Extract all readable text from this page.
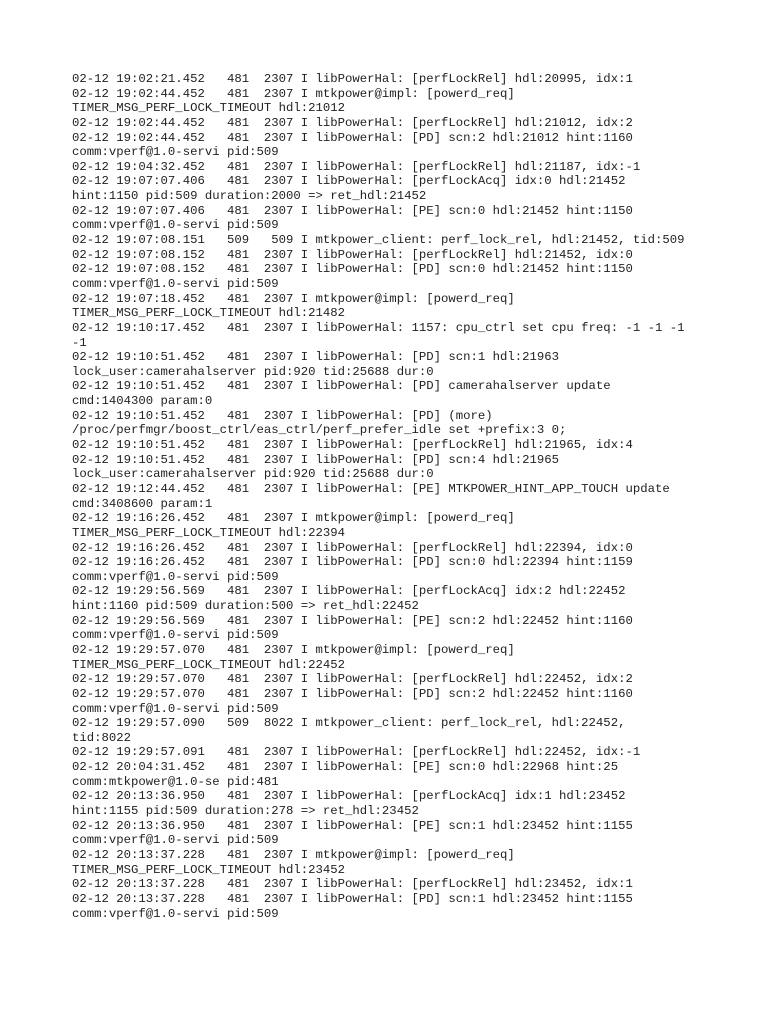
02-12 19:02:21.452   481  2307 I libPowerHal: [perfLockRel] hdl:20995, idx:1
02-12 19:02:44.452   481  2307 I mtkpower@impl: [powerd_req]
TIMER_MSG_PERF_LOCK_TIMEOUT hdl:21012
02-12 19:02:44.452   481  2307 I libPowerHal: [perfLockRel] hdl:21012, idx:2
02-12 19:02:44.452   481  2307 I libPowerHal: [PD] scn:2 hdl:21012 hint:1160
comm:vperf@1.0-servi pid:509
02-12 19:04:32.452   481  2307 I libPowerHal: [perfLockRel] hdl:21187, idx:-1
02-12 19:07:07.406   481  2307 I libPowerHal: [perfLockAcq] idx:0 hdl:21452
hint:1150 pid:509 duration:2000 => ret_hdl:21452
02-12 19:07:07.406   481  2307 I libPowerHal: [PE] scn:0 hdl:21452 hint:1150
comm:vperf@1.0-servi pid:509
02-12 19:07:08.151   509   509 I mtkpower_client: perf_lock_rel, hdl:21452, tid:509
02-12 19:07:08.152   481  2307 I libPowerHal: [perfLockRel] hdl:21452, idx:0
02-12 19:07:08.152   481  2307 I libPowerHal: [PD] scn:0 hdl:21452 hint:1150
comm:vperf@1.0-servi pid:509
02-12 19:07:18.452   481  2307 I mtkpower@impl: [powerd_req]
TIMER_MSG_PERF_LOCK_TIMEOUT hdl:21482
02-12 19:10:17.452   481  2307 I libPowerHal: 1157: cpu_ctrl set cpu freq: -1 -1 -1
-1
02-12 19:10:51.452   481  2307 I libPowerHal: [PD] scn:1 hdl:21963
lock_user:camerahalserver pid:920 tid:25688 dur:0
02-12 19:10:51.452   481  2307 I libPowerHal: [PD] camerahalserver update
cmd:1404300 param:0
02-12 19:10:51.452   481  2307 I libPowerHal: [PD] (more)
/proc/perfmgr/boost_ctrl/eas_ctrl/perf_prefer_idle set +prefix:3 0;
02-12 19:10:51.452   481  2307 I libPowerHal: [perfLockRel] hdl:21965, idx:4
02-12 19:10:51.452   481  2307 I libPowerHal: [PD] scn:4 hdl:21965
lock_user:camerahalserver pid:920 tid:25688 dur:0
02-12 19:12:44.452   481  2307 I libPowerHal: [PE] MTKPOWER_HINT_APP_TOUCH update
cmd:3408600 param:1
02-12 19:16:26.452   481  2307 I mtkpower@impl: [powerd_req]
TIMER_MSG_PERF_LOCK_TIMEOUT hdl:22394
02-12 19:16:26.452   481  2307 I libPowerHal: [perfLockRel] hdl:22394, idx:0
02-12 19:16:26.452   481  2307 I libPowerHal: [PD] scn:0 hdl:22394 hint:1159
comm:vperf@1.0-servi pid:509
02-12 19:29:56.569   481  2307 I libPowerHal: [perfLockAcq] idx:2 hdl:22452
hint:1160 pid:509 duration:500 => ret_hdl:22452
02-12 19:29:56.569   481  2307 I libPowerHal: [PE] scn:2 hdl:22452 hint:1160
comm:vperf@1.0-servi pid:509
02-12 19:29:57.070   481  2307 I mtkpower@impl: [powerd_req]
TIMER_MSG_PERF_LOCK_TIMEOUT hdl:22452
02-12 19:29:57.070   481  2307 I libPowerHal: [perfLockRel] hdl:22452, idx:2
02-12 19:29:57.070   481  2307 I libPowerHal: [PD] scn:2 hdl:22452 hint:1160
comm:vperf@1.0-servi pid:509
02-12 19:29:57.090   509  8022 I mtkpower_client: perf_lock_rel, hdl:22452,
tid:8022
02-12 19:29:57.091   481  2307 I libPowerHal: [perfLockRel] hdl:22452, idx:-1
02-12 20:04:31.452   481  2307 I libPowerHal: [PE] scn:0 hdl:22968 hint:25
comm:mtkpower@1.0-se pid:481
02-12 20:13:36.950   481  2307 I libPowerHal: [perfLockAcq] idx:1 hdl:23452
hint:1155 pid:509 duration:278 => ret_hdl:23452
02-12 20:13:36.950   481  2307 I libPowerHal: [PE] scn:1 hdl:23452 hint:1155
comm:vperf@1.0-servi pid:509
02-12 20:13:37.228   481  2307 I mtkpower@impl: [powerd_req]
TIMER_MSG_PERF_LOCK_TIMEOUT hdl:23452
02-12 20:13:37.228   481  2307 I libPowerHal: [perfLockRel] hdl:23452, idx:1
02-12 20:13:37.228   481  2307 I libPowerHal: [PD] scn:1 hdl:23452 hint:1155
comm:vperf@1.0-servi pid:509
